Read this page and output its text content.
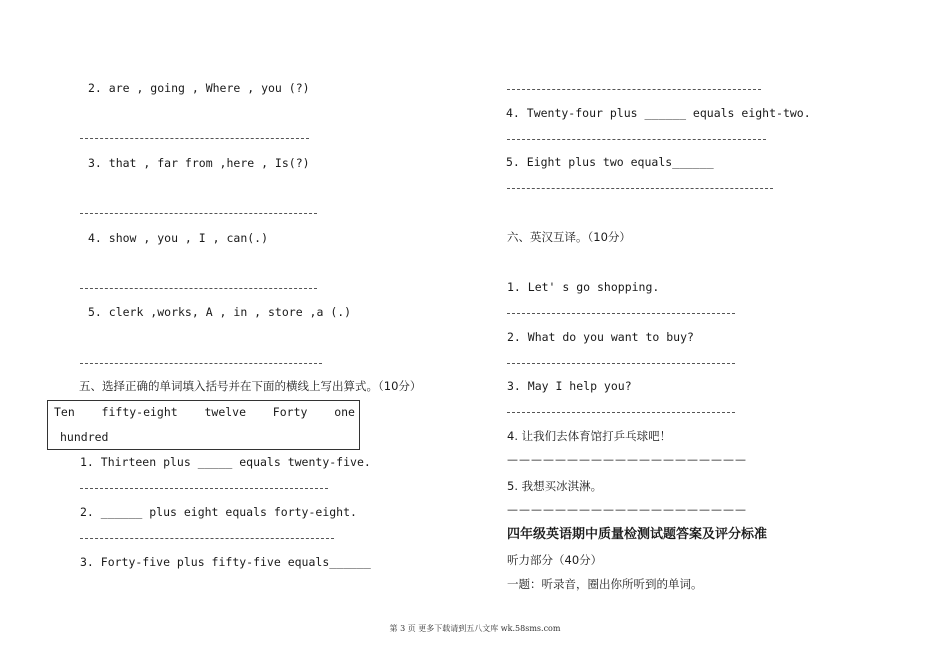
2. are , going , Where , you (?)
3. that , far from ,here , Is(?)
4. show , you , I , can(.)
5. clerk ,works, A , in , store ,a (.)
五、选择正确的单词填入括号并在下面的横线上写出算式。（10分）
Ten fifty-eight twelve Forty one
hundred
1. Thirteen plus _____ equals twenty-five.
2. ______ plus eight equals forty-eight.
3. Forty-five plus fifty-five equals______
4. Twenty-four plus ______ equals eight-two.
5. Eight plus two equals______
六、英汉互译。（10分）
1. Let' s go shopping.
2. What do you want to buy?
3. May I help you?
4. 让我们去体育馆打乒乓球吧！
————————————————————
5. 我想买冰淇淋。
————————————————————
四年级英语期中质量检测试题答案及评分标准
听力部分（40分）
一题：听录音，圈出你所听到的单词。
第 3 页 更多下载请到五八文库 wk.58sms.com
